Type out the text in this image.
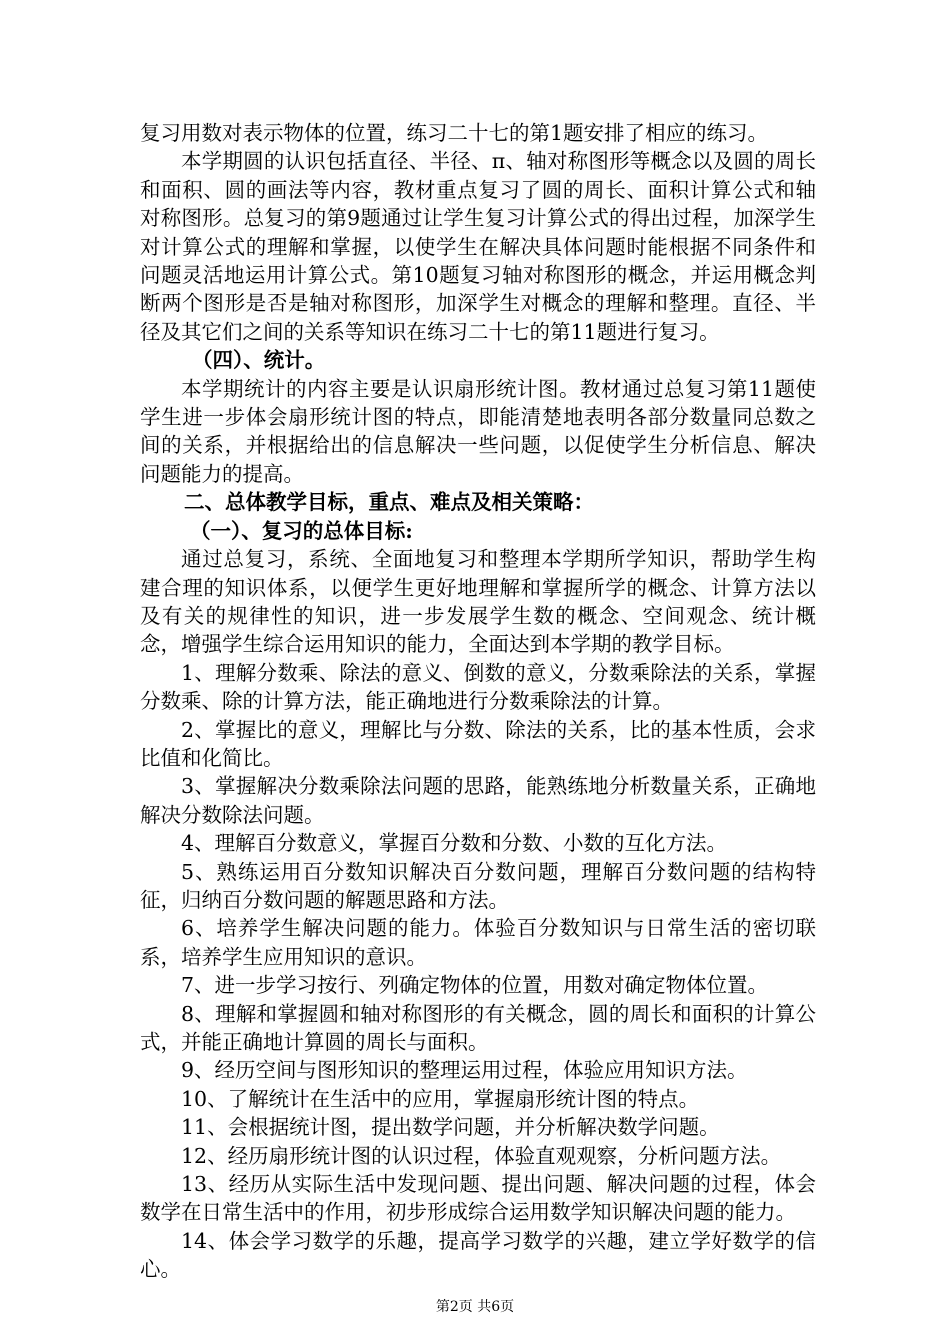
复习用数对表示物体的位置，练习二十七的第1题安排了相应的练习。

本学期圆的认识包括直径、半径、π、轴对称图形等概念以及圆的周长和面积、圆的画法等内容，教材重点复习了圆的周长、面积计算公式和轴对称图形。总复习的第9题通过让学生复习计算公式的得出过程，加深学生对计算公式的理解和掌握，以使学生在解决具体问题时能根据不同条件和问题灵活地运用计算公式。第10题复习轴对称图形的概念，并运用概念判断两个图形是否是轴对称图形，加深学生对概念的理解和整理。直径、半径及其它们之间的关系等知识在练习二十七的第11题进行复习。

（四）、统计。

本学期统计的内容主要是认识扇形统计图。教材通过总复习第11题使学生进一步体会扇形统计图的特点，即能清楚地表明各部分数量同总数之间的关系，并根据给出的信息解决一些问题，以促使学生分析信息、解决问题能力的提高。

二、总体教学目标，重点、难点及相关策略：

（一）、复习的总体目标:

通过总复习，系统、全面地复习和整理本学期所学知识，帮助学生构建合理的知识体系，以便学生更好地理解和掌握所学的概念、计算方法以及有关的规律性的知识，进一步发展学生数的概念、空间观念、统计概念，增强学生综合运用知识的能力，全面达到本学期的教学目标。

1、理解分数乘、除法的意义、倒数的意义，分数乘除法的关系，掌握分数乘、除的计算方法，能正确地进行分数乘除法的计算。

2、掌握比的意义，理解比与分数、除法的关系，比的基本性质，会求比值和化简比。

3、掌握解决分数乘除法问题的思路，能熟练地分析数量关系，正确地解决分数除法问题。

4、理解百分数意义，掌握百分数和分数、小数的互化方法。

5、熟练运用百分数知识解决百分数问题，理解百分数问题的结构特征，归纳百分数问题的解题思路和方法。

6、培养学生解决问题的能力。体验百分数知识与日常生活的密切联系，培养学生应用知识的意识。

7、进一步学习按行、列确定物体的位置，用数对确定物体位置。

8、理解和掌握圆和轴对称图形的有关概念，圆的周长和面积的计算公式，并能正确地计算圆的周长与面积。

9、经历空间与图形知识的整理运用过程，体验应用知识方法。

10、了解统计在生活中的应用，掌握扇形统计图的特点。

11、会根据统计图，提出数学问题，并分析解决数学问题。

12、经历扇形统计图的认识过程，体验直观观察，分析问题方法。

13、经历从实际生活中发现问题、提出问题、解决问题的过程，体会数学在日常生活中的作用，初步形成综合运用数学知识解决问题的能力。

14、体会学习数学的乐趣，提高学习数学的兴趣，建立学好数学的信心。

第2页 共6页
